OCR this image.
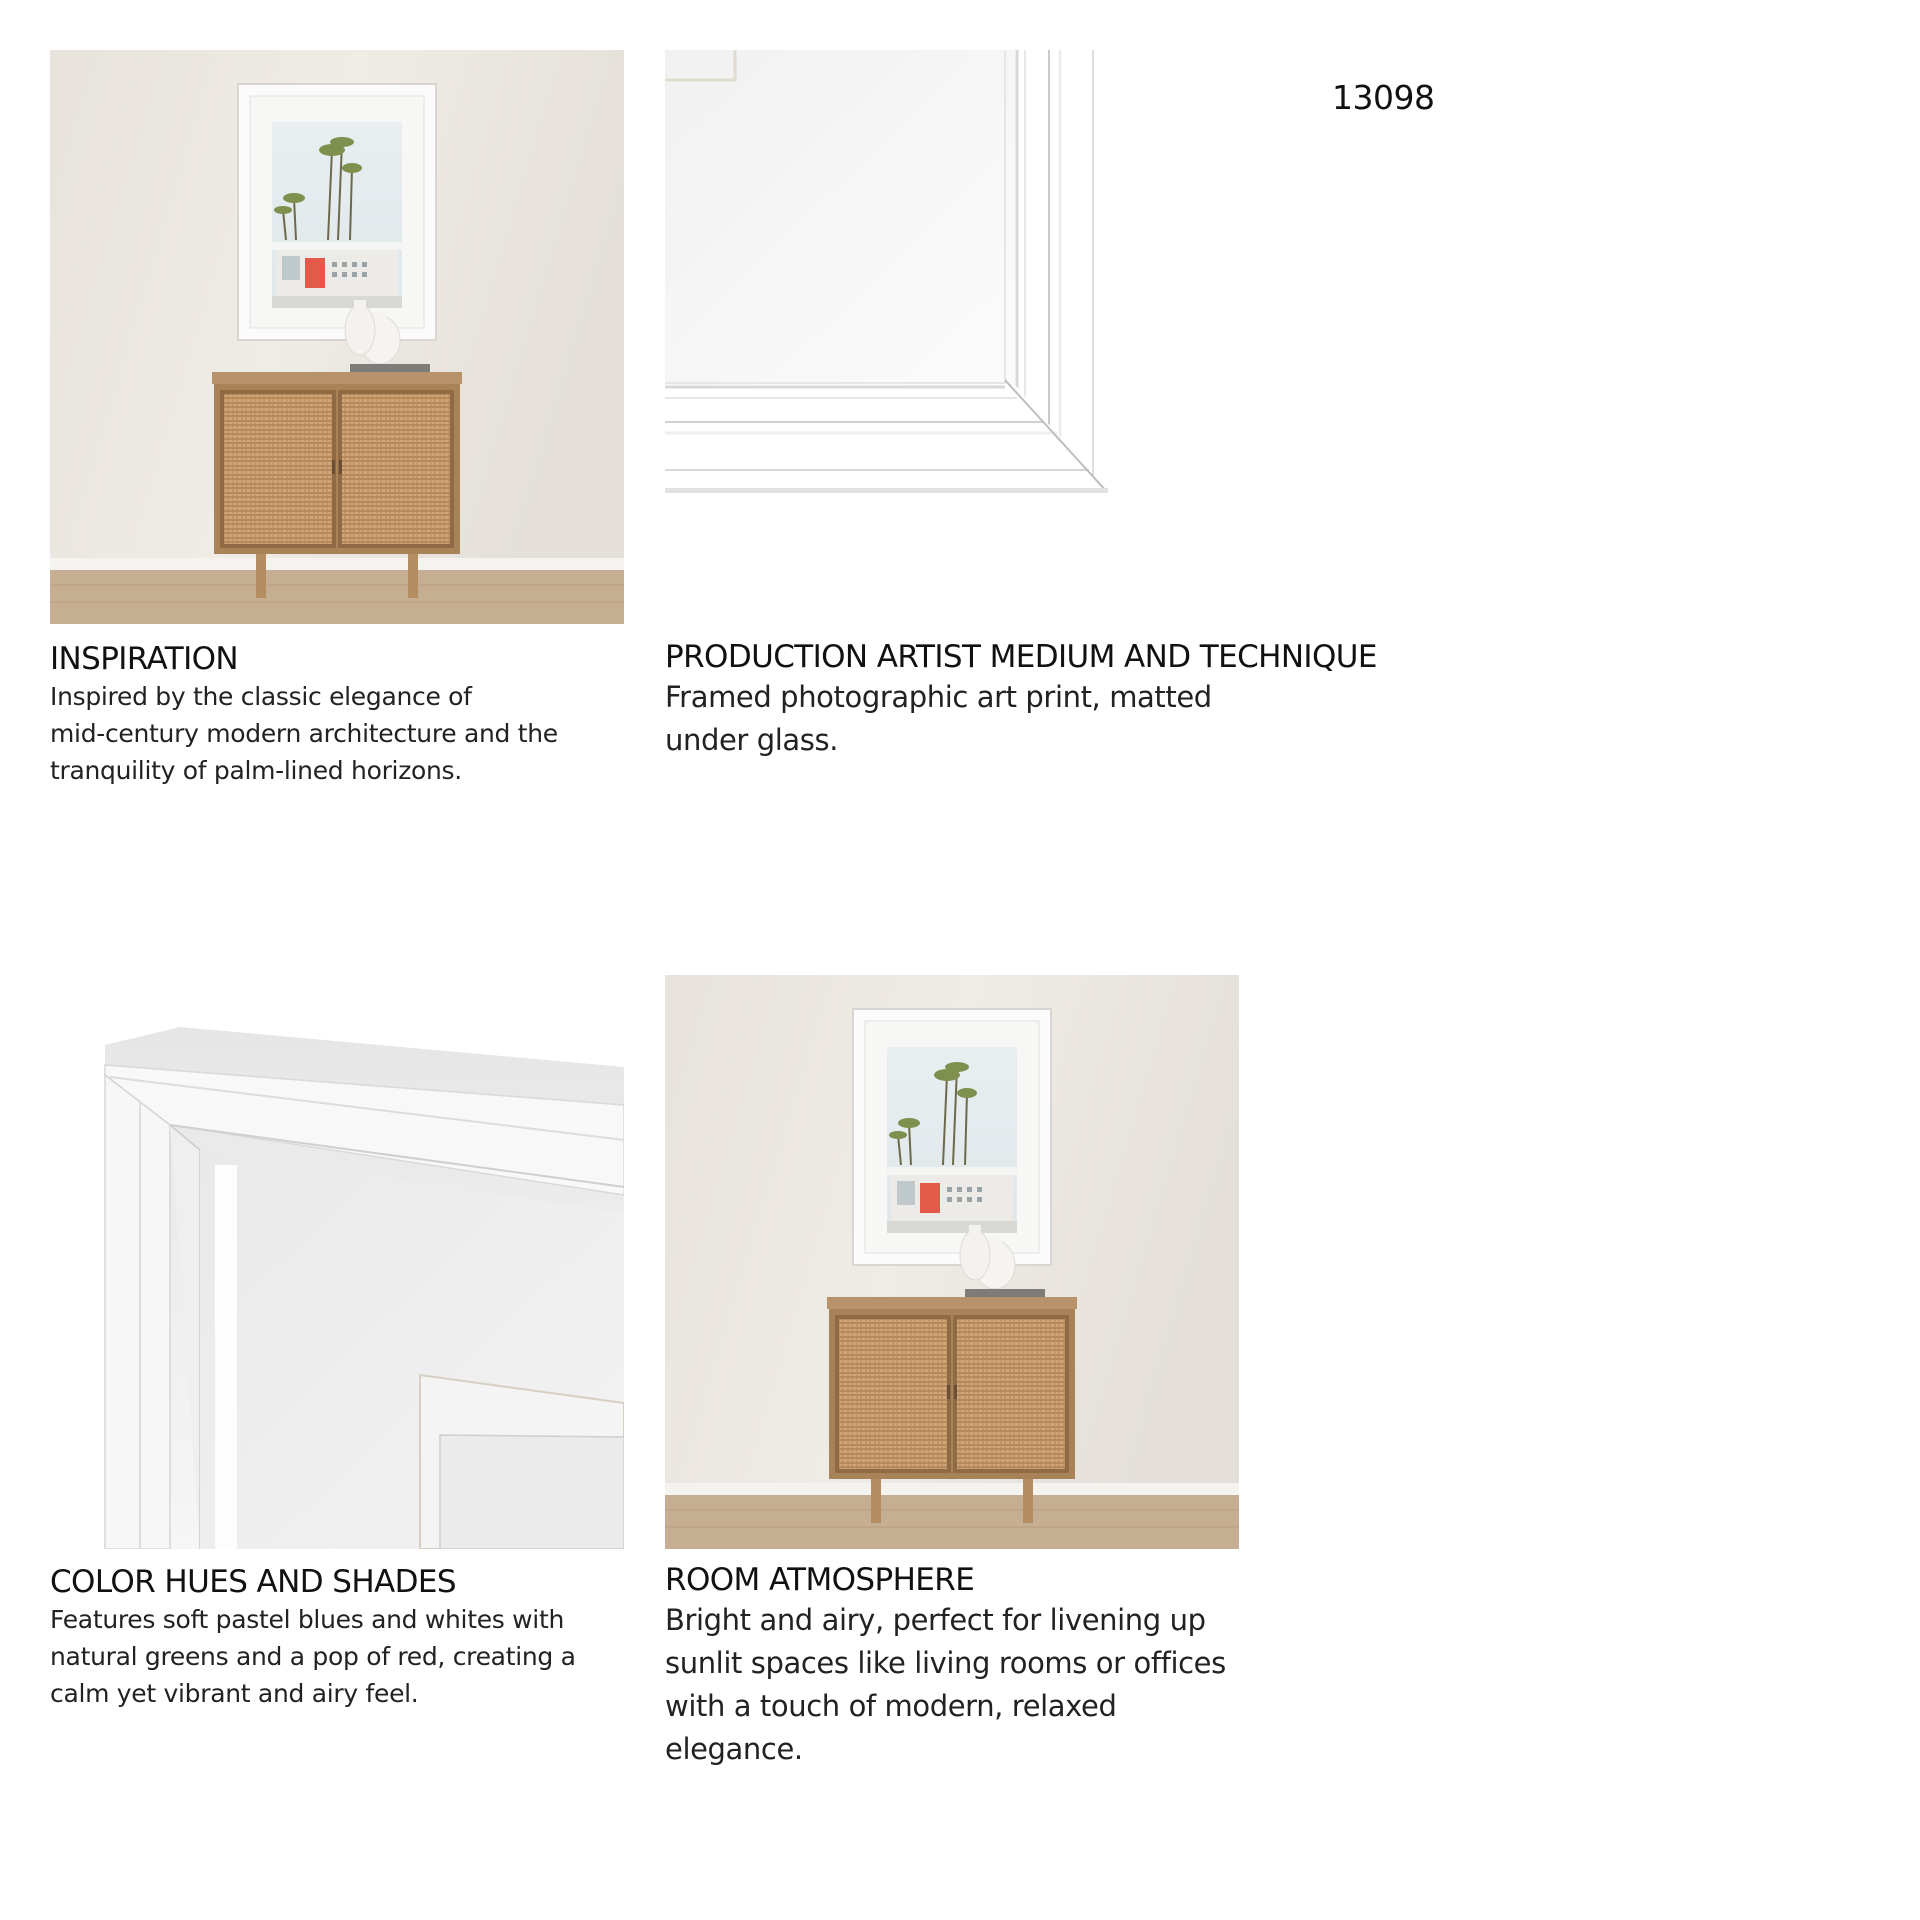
13098
INSPIRATION
Inspired by the classic elegance of
mid-century modern architecture and the
tranquility of palm-lined horizons.
PRODUCTION ARTIST MEDIUM AND TECHNIQUE
Framed photographic art print, matted
under glass.
COLOR HUES AND SHADES
Features soft pastel blues and whites with
natural greens and a pop of red, creating a
calm yet vibrant and airy feel.
ROOM ATMOSPHERE
Bright and airy, perfect for livening up
sunlit spaces like living rooms or offices
with a touch of modern, relaxed
elegance.
